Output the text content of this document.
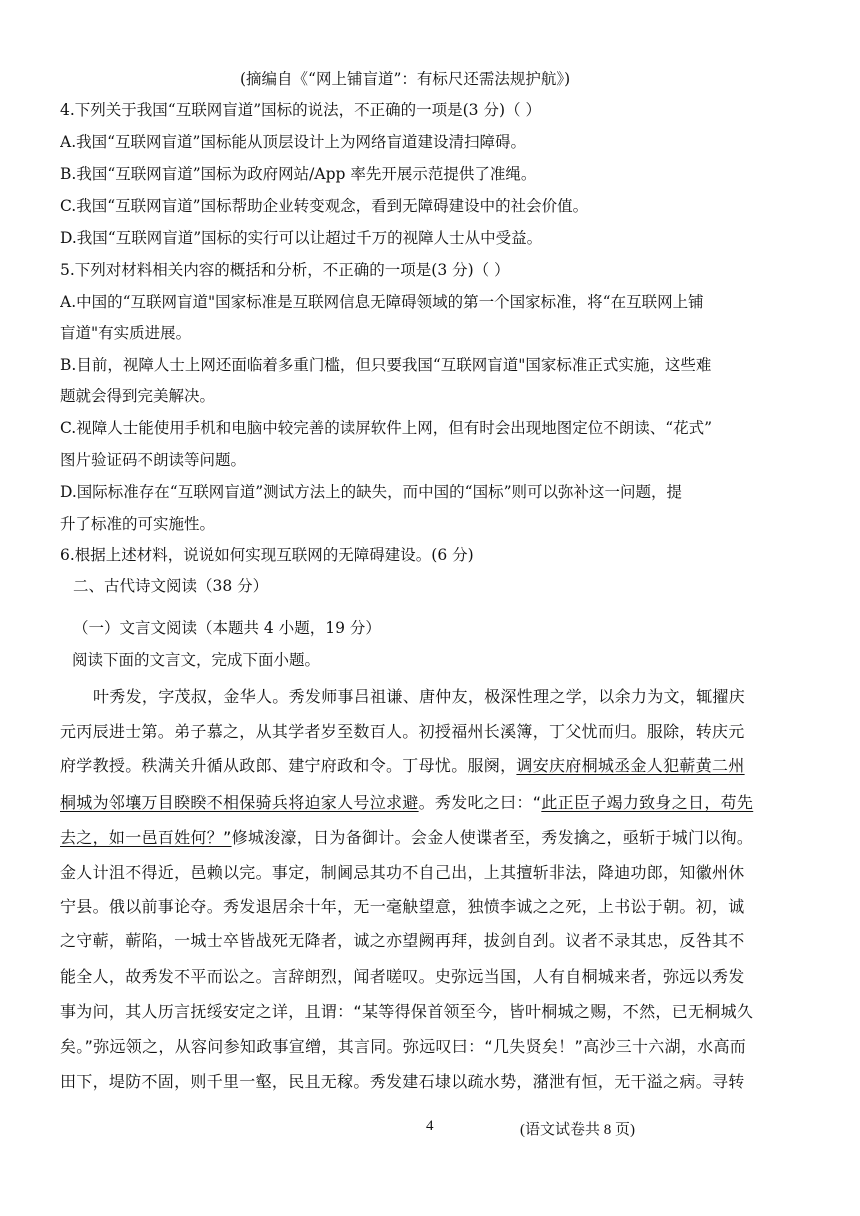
(摘编自《“网上铺盲道”：有标尺还需法规护航》)
4.下列关于我国“互联网盲道”国标的说法，不正确的一项是(3 分)（ ）
A.我国“互联网盲道”国标能从顶层设计上为网络盲道建设清扫障碍。
B.我国“互联网盲道”国标为政府网站/App 率先开展示范提供了准绳。
C.我国“互联网盲道”国标帮助企业转变观念，看到无障碍建设中的社会价值。
D.我国“互联网盲道”国标的实行可以让超过千万的视障人士从中受益。
5.下列对材料相关内容的概括和分析，不正确的一项是(3 分)（ ）
A.中国的“互联网盲道"国家标准是互联网信息无障碍领域的第一个国家标准，将“在互联网上铺
盲道"有实质进展。
B.目前，视障人士上网还面临着多重门槛，但只要我国“互联网盲道"国家标准正式实施，这些难
题就会得到完美解决。
C.视障人士能使用手机和电脑中较完善的读屏软件上网，但有时会出现地图定位不朗读、“花式”
图片验证码不朗读等问题。
D.国际标准存在“互联网盲道”测试方法上的缺失，而中国的“国标”则可以弥补这一问题，提
升了标准的可实施性。
6.根据上述材料，说说如何实现互联网的无障碍建设。(6 分)
二、古代诗文阅读（38 分）
（一）文言文阅读（本题共 4 小题，19 分）
阅读下面的文言文，完成下面小题。
叶秀发，字茂叔，金华人。秀发师事吕祖谦、唐仲友，极深性理之学，以余力为文，辄擢庆
元丙辰进士第。弟子慕之，从其学者岁至数百人。初授福州长溪簿，丁父忧而归。服除，转庆元
府学教授。秩满关升循从政郎、建宁府政和令。丁母忧。服阕，调安庆府桐城丞金人犯蕲黄二州
桐城为邻壤万目睽睽不相保骑兵将迫家人号泣求避。秀发叱之曰：“此正臣子竭力致身之日，苟先
去之，如一邑百姓何？”修城浚濠，日为备御计。会金人使谍者至，秀发擒之，亟斩于城门以徇。
金人计沮不得近，邑赖以完。事定，制阃忌其功不自己出，上其擅斩非法，降迪功郎，知徽州休
宁县。俄以前事论夺。秀发退居余十年，无一毫觖望意，独愤李诚之之死，上书讼于朝。初，诚
之守蕲，蕲陷，一城士卒皆战死无降者，诚之亦望阙再拜，拔剑自刭。议者不录其忠，反咎其不
能全人，故秀发不平而讼之。言辞朗烈，闻者嗟叹。史弥远当国，人有自桐城来者，弥远以秀发
事为问，其人历言抚绥安定之详，且谓：“某等得保首领至今，皆叶桐城之赐，不然，已无桐城久
矣。”弥远领之，从容问参知政事宣缯，其言同。弥远叹曰：“几失贤矣！”高沙三十六湖，水高而
田下，堤防不固，则千里一壑，民且无稼。秀发建石埭以疏水势，潴泄有恒，无干溢之病。寻转
4	(语文试卷共 8 页)
